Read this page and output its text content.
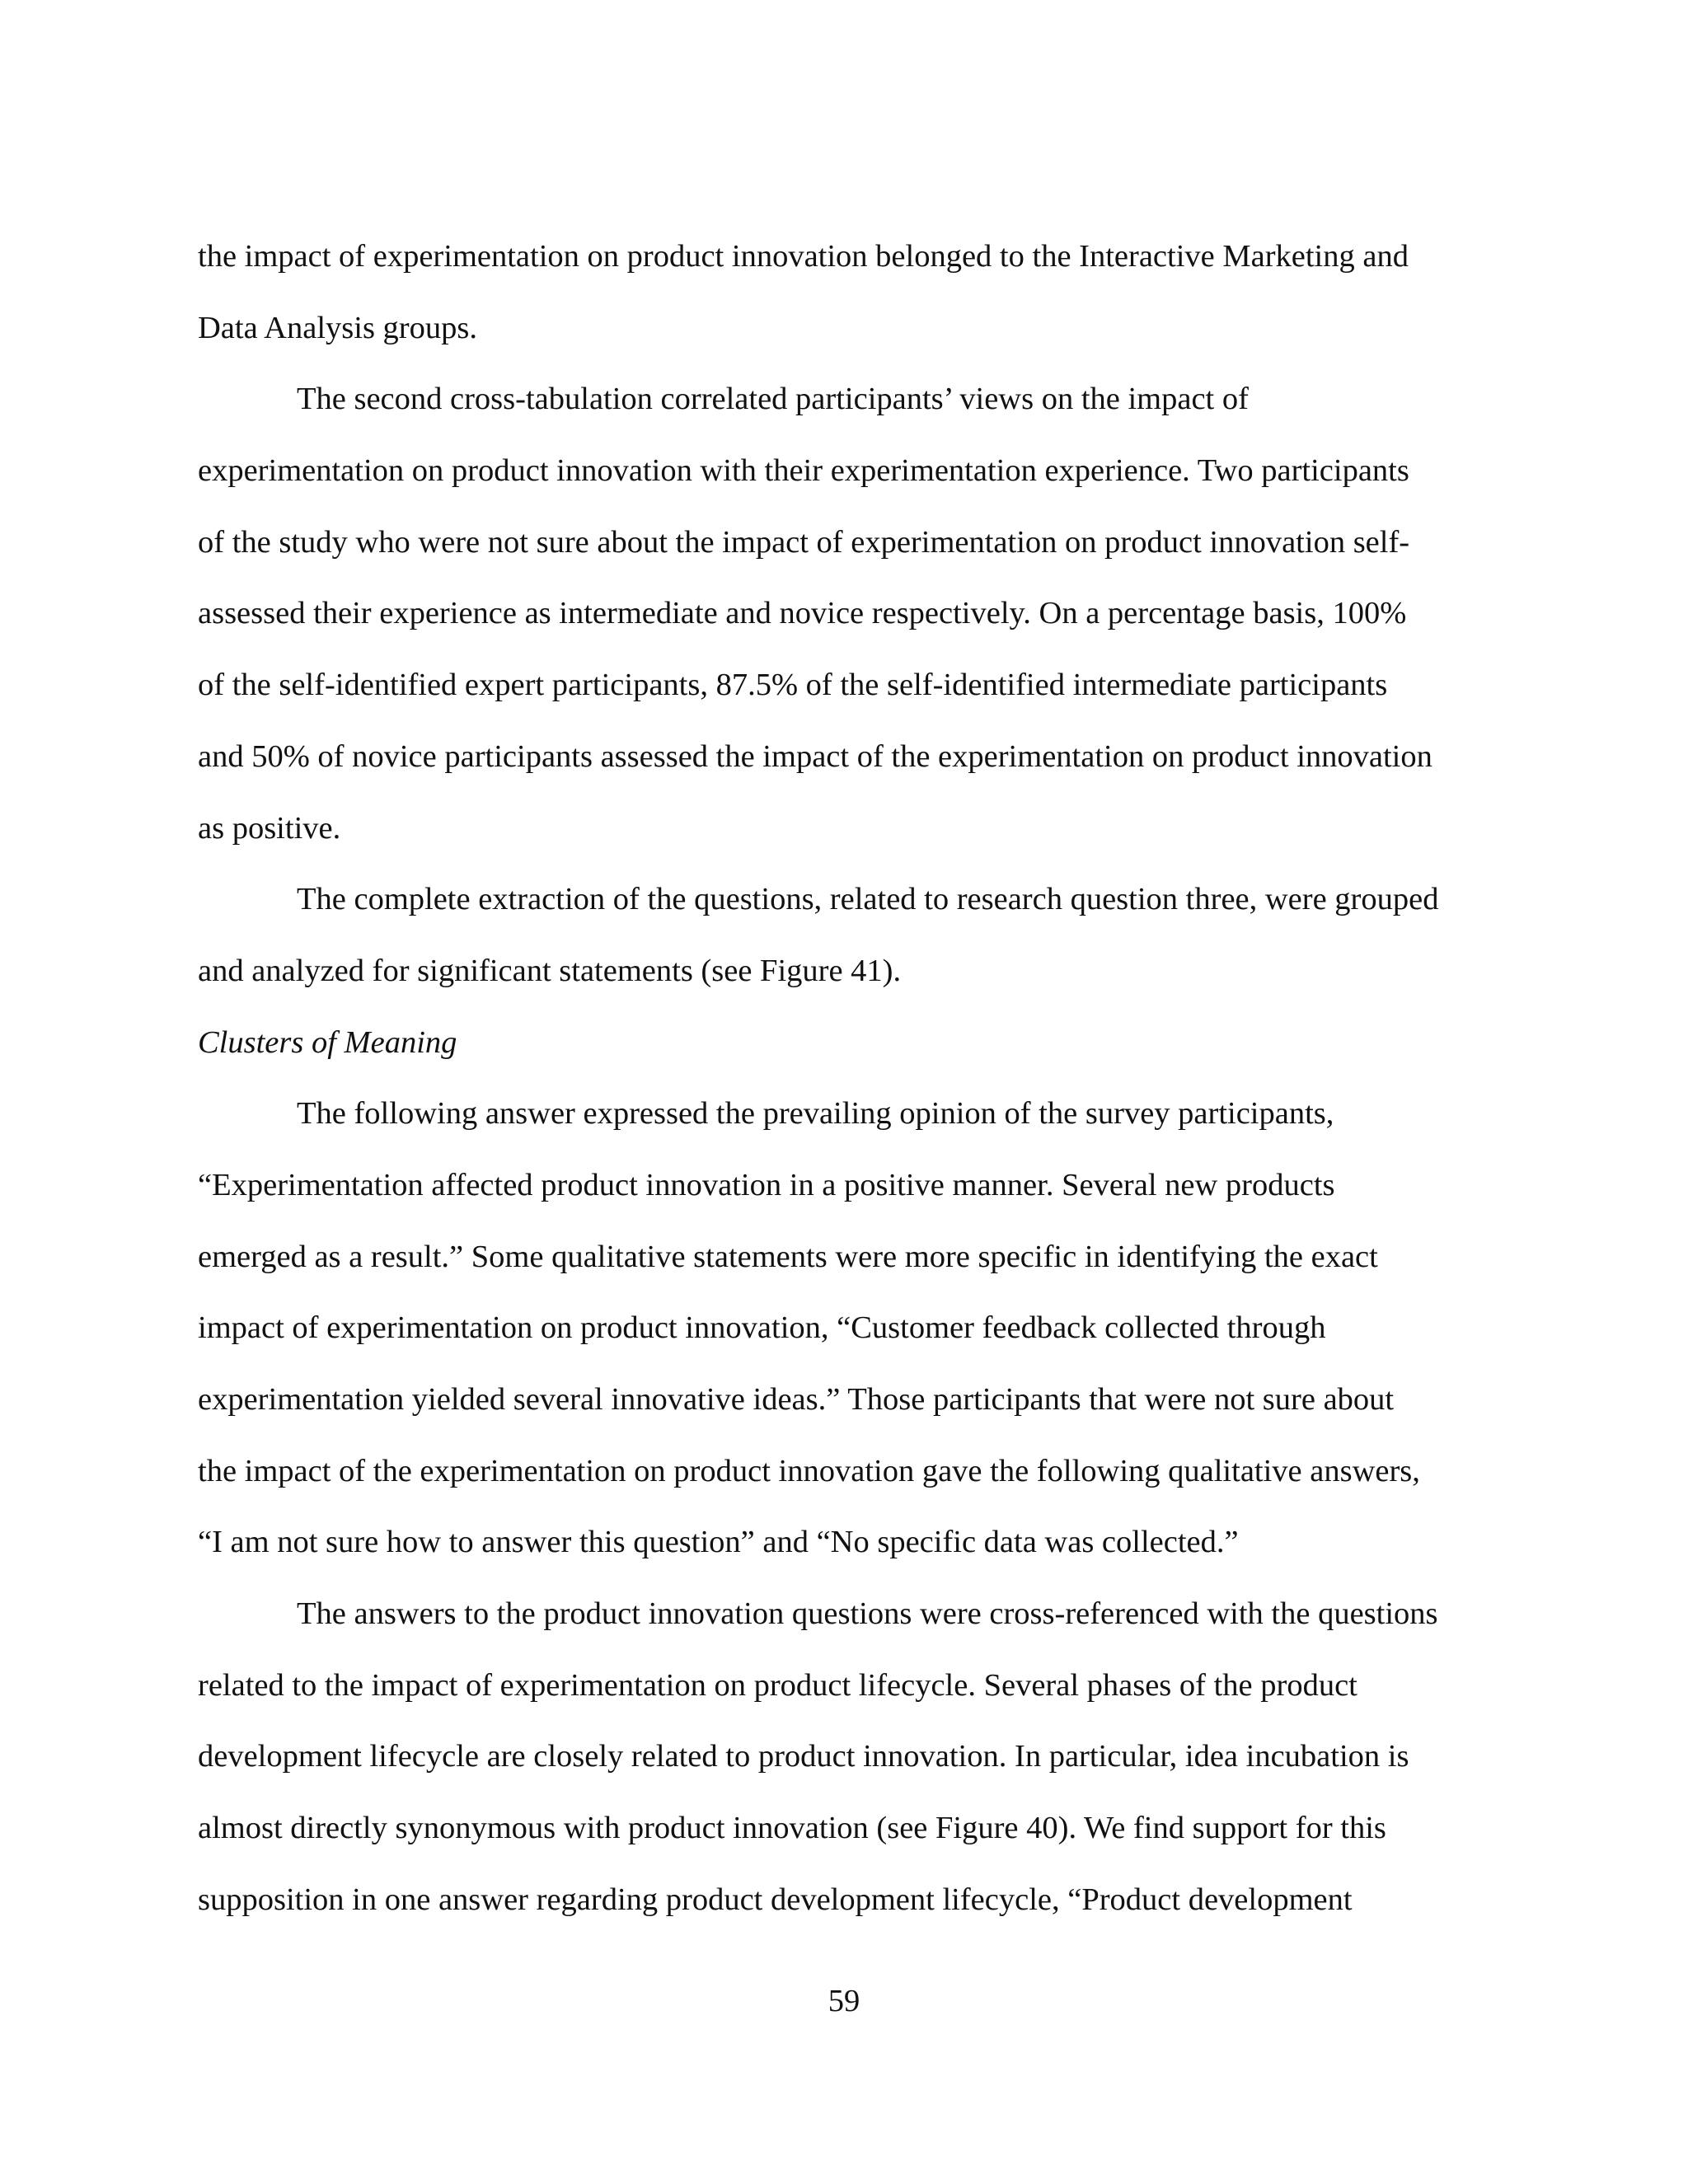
the impact of experimentation on product innovation belonged to the Interactive Marketing and
Data Analysis groups.
The second cross-tabulation correlated participants’ views on the impact of
experimentation on product innovation with their experimentation experience. Two participants
of the study who were not sure about the impact of experimentation on product innovation self-
assessed their experience as intermediate and novice respectively. On a percentage basis, 100%
of the self-identified expert participants, 87.5% of the self-identified intermediate participants
and 50% of novice participants assessed the impact of the experimentation on product innovation
as positive.
The complete extraction of the questions, related to research question three, were grouped
and analyzed for significant statements (see Figure 41).
Clusters of Meaning
The following answer expressed the prevailing opinion of the survey participants,
“Experimentation affected product innovation in a positive manner. Several new products
emerged as a result.” Some qualitative statements were more specific in identifying the exact
impact of experimentation on product innovation, “Customer feedback collected through
experimentation yielded several innovative ideas.” Those participants that were not sure about
the impact of the experimentation on product innovation gave the following qualitative answers,
“I am not sure how to answer this question” and “No specific data was collected.”
The answers to the product innovation questions were cross-referenced with the questions
related to the impact of experimentation on product lifecycle. Several phases of the product
development lifecycle are closely related to product innovation. In particular, idea incubation is
almost directly synonymous with product innovation (see Figure 40). We find support for this
supposition in one answer regarding product development lifecycle, “Product development
59
